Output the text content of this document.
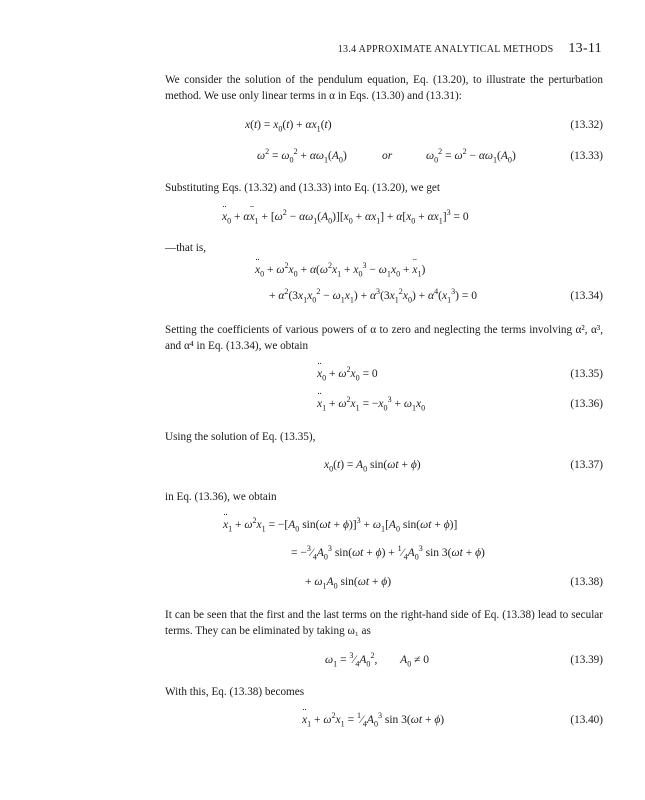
13.4 APPROXIMATE ANALYTICAL METHODS 13-11
We consider the solution of the pendulum equation, Eq. (13.20), to illustrate the perturbation method. We use only linear terms in α in Eqs. (13.30) and (13.31):
$x(t) = x_0(t) + \alpha x_1(t)$	(13.32)
$\omega^2 = \omega_0^2 + \alpha\omega_1(A_0)$	or	$\omega_0^2 = \omega^2 - \alpha\omega_1(A_0)$	(13.33)
Substituting Eqs. (13.32) and (13.33) into Eq. (13.20), we get
¨ $x_0$ + α¨ $x_1 + [\omega^2 - \alpha\omega_1(A_0)][x_0 + \alpha x_1] + \alpha[x_0 + \alpha x_1]^3 = 0$
—that is,
¨ $x_0 + \omega^2x_0 + \alpha(\omega^2x_1 + x_0^3 - \omega_1x_0$ + ¨ $x_1$)
+ $\alpha^2(3x_1x_0^2 - \omega_1x_1) + \alpha^3(3x_1^2x_0) + \alpha^4(x_1^3) = 0$	(13.34)
Setting the coefficients of various powers of α to zero and neglecting the terms involving α², α³, and α⁴ in Eq. (13.34), we obtain
¨ $x_0 + \omega^2x_0 = 0$	(13.35)
¨ $x_1 + \omega^2x_1 = -x_0^3 + \omega_1x_0$	(13.36)
Using the solution of Eq. (13.35),
$x_0(t) = A_0$ sin(ωt + ϕ)	(13.37)
in Eq. (13.36), we obtain
¨ $x_1 + \omega^2x_1 = -[A_0$ $\sin(\omega t + \phi)]^3 + \omega_1[A_0$ sin(ωt + ϕ)]
= $-^3⁄_4A_0^3$ $\sin(\omega t + \phi) + ^1⁄_4A_0^3$ sin 3(ωt + ϕ)
+ $\omega_1A_0$ sin(ωt + ϕ)	(13.38)
It can be seen that the first and the last terms on the right-hand side of Eq. (13.38) lead to secular terms. They can be eliminated by taking ω₁ as
$\omega_1$ = $^3⁄_4A_0^2$,        $A_0 \ne 0$	(13.39)
With this, Eq. (13.38) becomes
¨ $x_1 + \omega^2x_1$ = $^1⁄_4A_0^3$ sin 3(ωt + ϕ)	(13.40)
